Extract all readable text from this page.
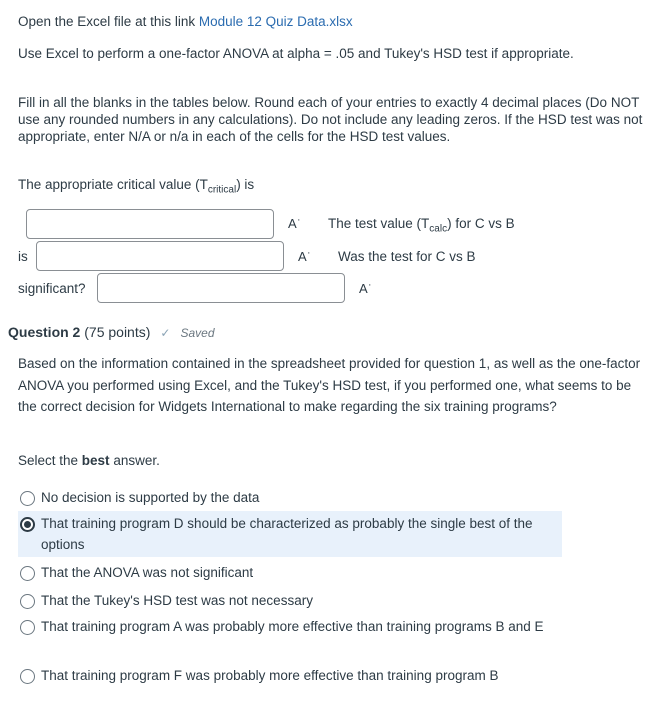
Open the Excel file at this link Module 12 Quiz Data.xlsx

Use Excel to perform a one-factor ANOVA at alpha = .05 and Tukey's HSD test if appropriate.

Fill in all the blanks in the tables below. Round each of your entries to exactly 4 decimal places (Do NOT use any rounded numbers in any calculations). Do not include any leading zeros. If the HSD test was not appropriate, enter N/A or n/a in each of the cells for the HSD test values.

The appropriate critical value $(T_{critical})$ is

A͘ The test value $(T_{calc})$ for C vs B
is	A͘ Was the test for C vs B
significant?	A͘
Question 2 (75 points) ✓ Saved

Based on the information contained in the spreadsheet provided for question 1, as well as the one-factor ANOVA you performed using Excel, and the Tukey's HSD test, if you performed one, what seems to be the correct decision for Widgets International to make regarding the six training programs?

Select the best answer.

No decision is supported by the data
That training program D should be characterized as probably the single best of the options
That the ANOVA was not significant
That the Tukey's HSD test was not necessary
That training program A was probably more effective than training programs B and E
That training program F was probably more effective than training program B
